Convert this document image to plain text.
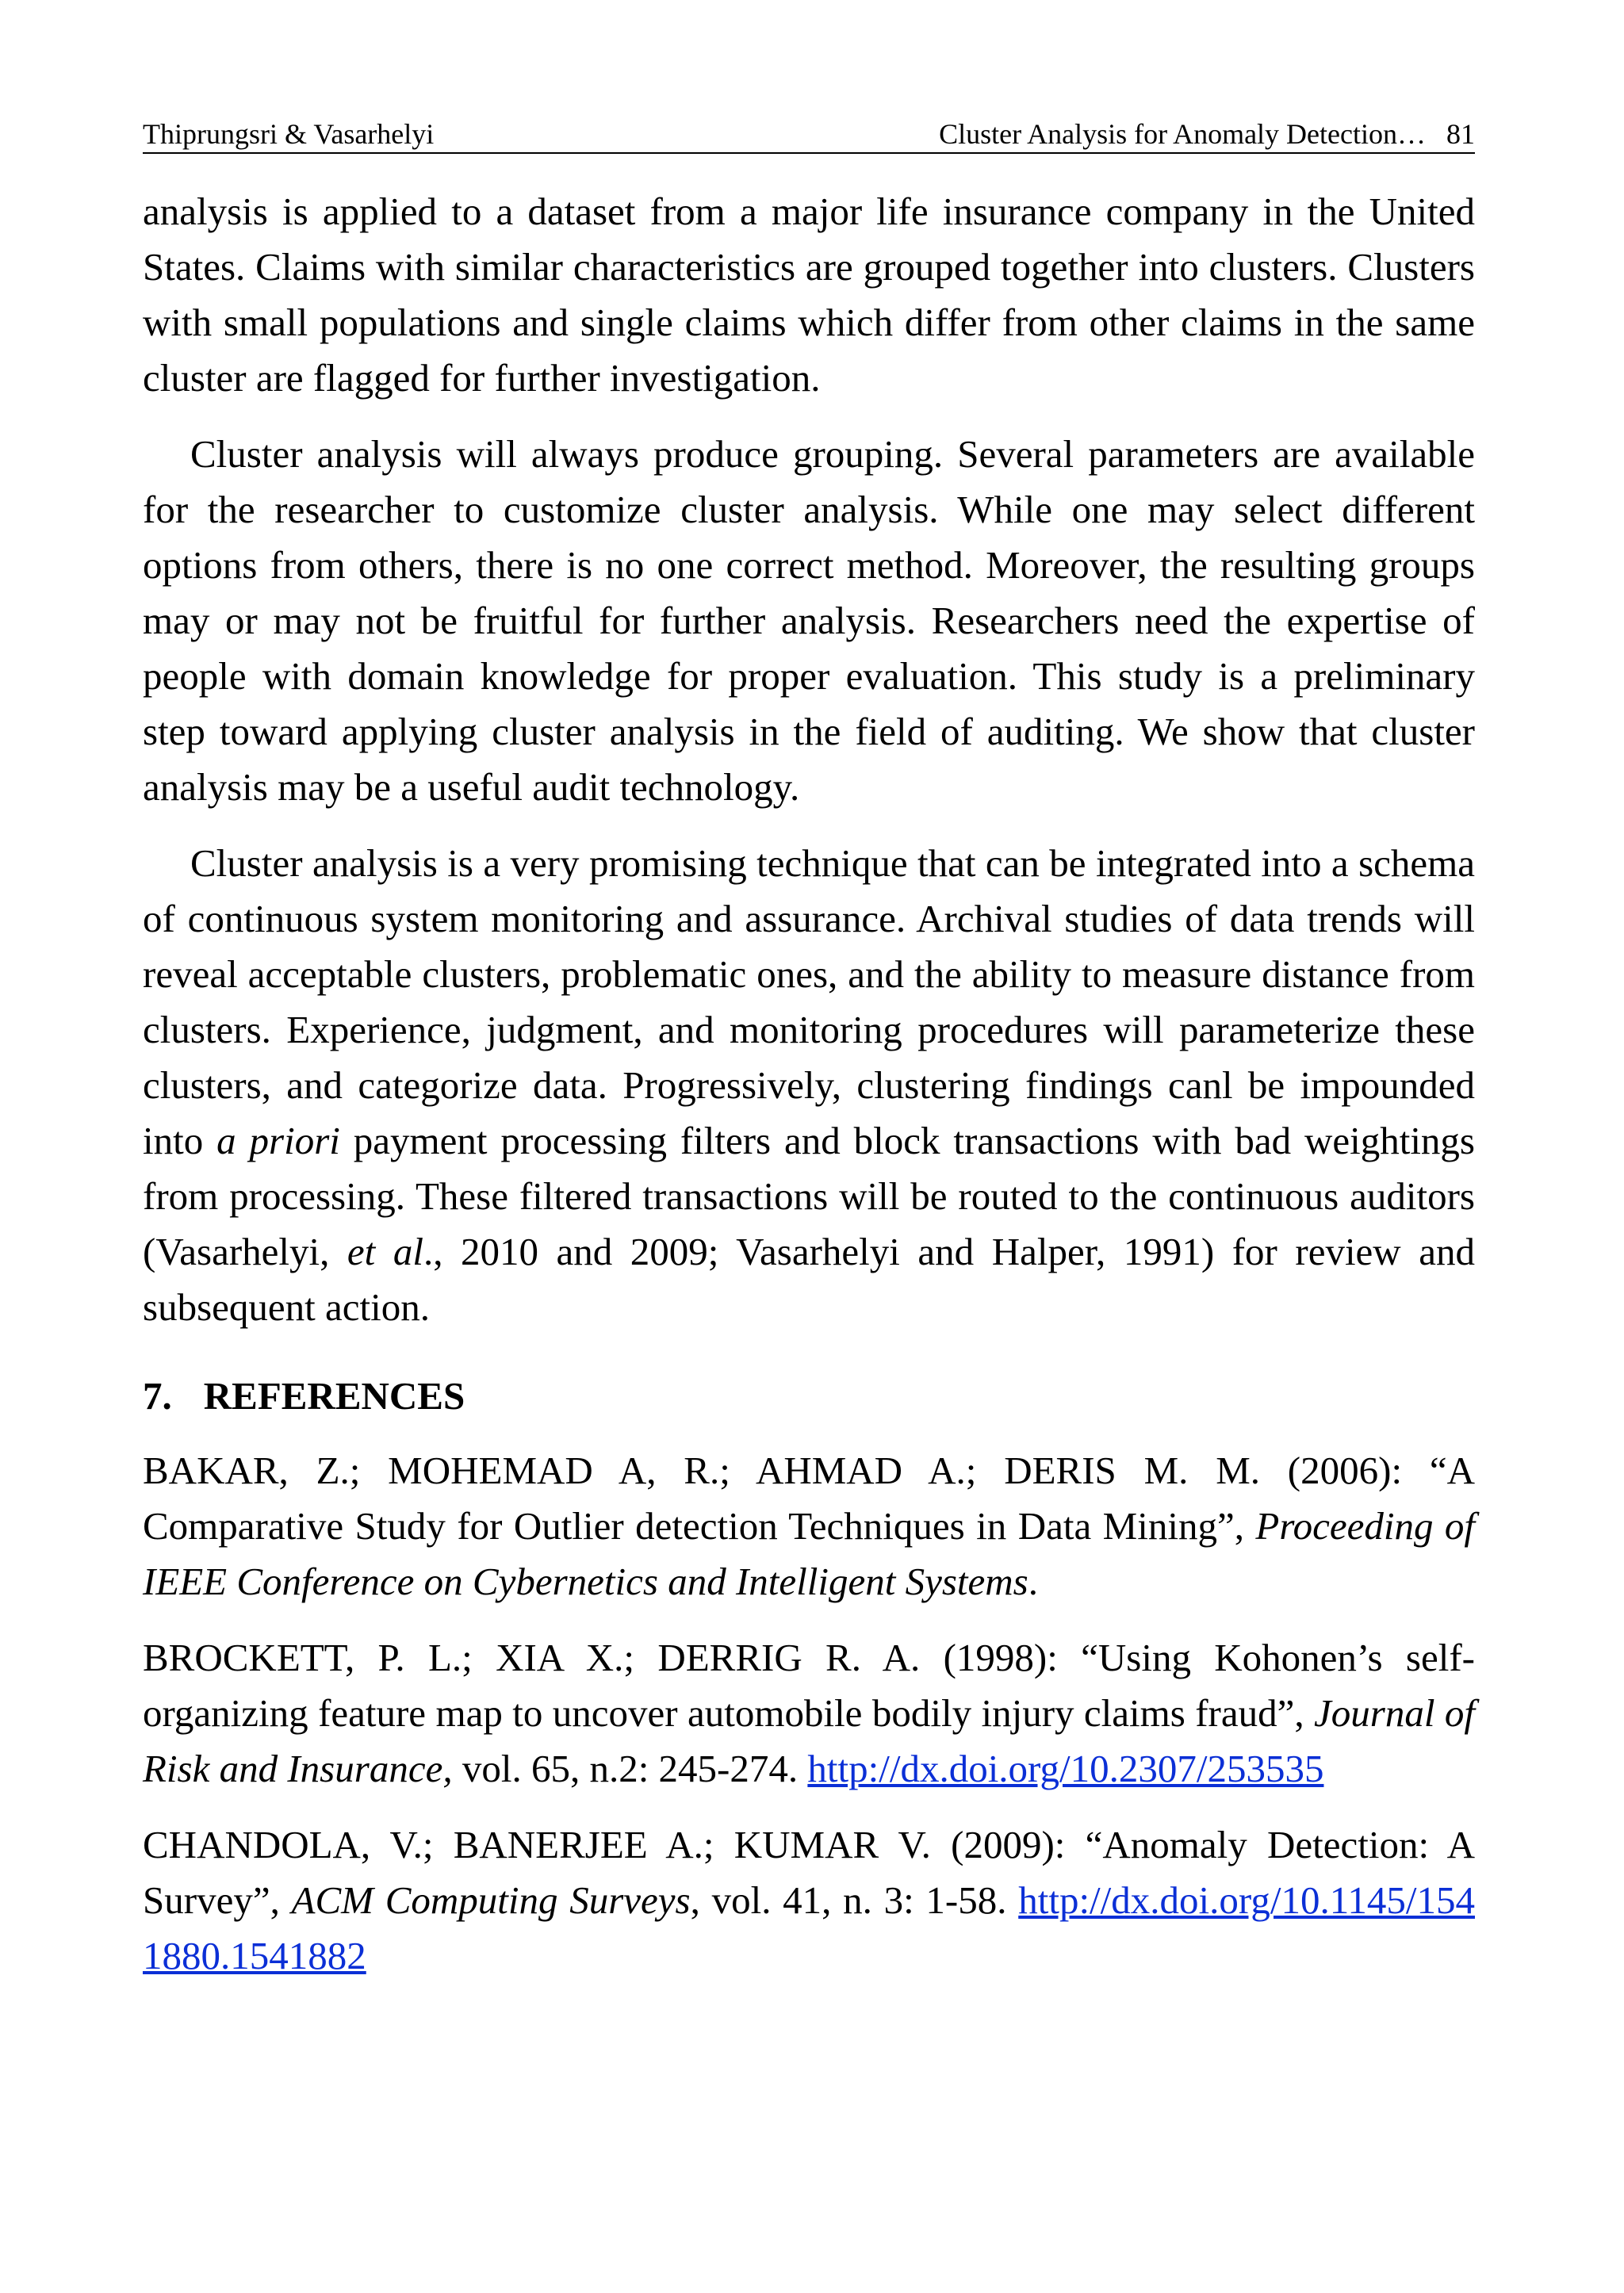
Thiprungsri & Vasarhelyi	Cluster Analysis for Anomaly Detection… 81

analysis is applied to a dataset from a major life insurance company in the United States. Claims with similar characteristics are grouped together into clusters. Clusters with small populations and single claims which differ from other claims in the same cluster are flagged for further investigation.

Cluster analysis will always produce grouping. Several parameters are available for the researcher to customize cluster analysis. While one may select different options from others, there is no one correct method. Moreover, the resulting groups may or may not be fruitful for further analysis. Researchers need the expertise of people with domain knowledge for proper evaluation. This study is a preliminary step toward applying cluster analysis in the field of auditing. We show that cluster analysis may be a useful audit technology.

Cluster analysis is a very promising technique that can be integrated into a schema of continuous system monitoring and assurance. Archival studies of data trends will reveal acceptable clusters, problematic ones, and the ability to measure distance from clusters. Experience, judgment, and monitoring procedures will parameterize these clusters, and categorize data. Progressively, clustering findings canl be impounded into a priori payment processing filters and block transactions with bad weightings from processing. These filtered transactions will be routed to the continuous auditors (Vasarhelyi, et al., 2010 and 2009; Vasarhelyi and Halper, 1991) for review and subsequent action.

7. REFERENCES

BAKAR, Z.; MOHEMAD A, R.; AHMAD A.; DERIS M. M. (2006): “A Comparative Study for Outlier detection Techniques in Data Mining”, Proceeding of IEEE Conference on Cybernetics and Intelligent Systems.

BROCKETT, P. L.; XIA X.; DERRIG R. A. (1998): “Using Kohonen’s self-organizing feature map to uncover automobile bodily injury claims fraud”, Journal of Risk and Insurance, vol. 65, n.2: 245-274. http://dx.doi.org/10.2307/253535

CHANDOLA, V.; BANERJEE A.; KUMAR V. (2009): “Anomaly Detection: A Survey”, ACM Computing Surveys, vol. 41, n. 3: 1-58. http://dx.doi.org/10.1145/1541880.1541882
